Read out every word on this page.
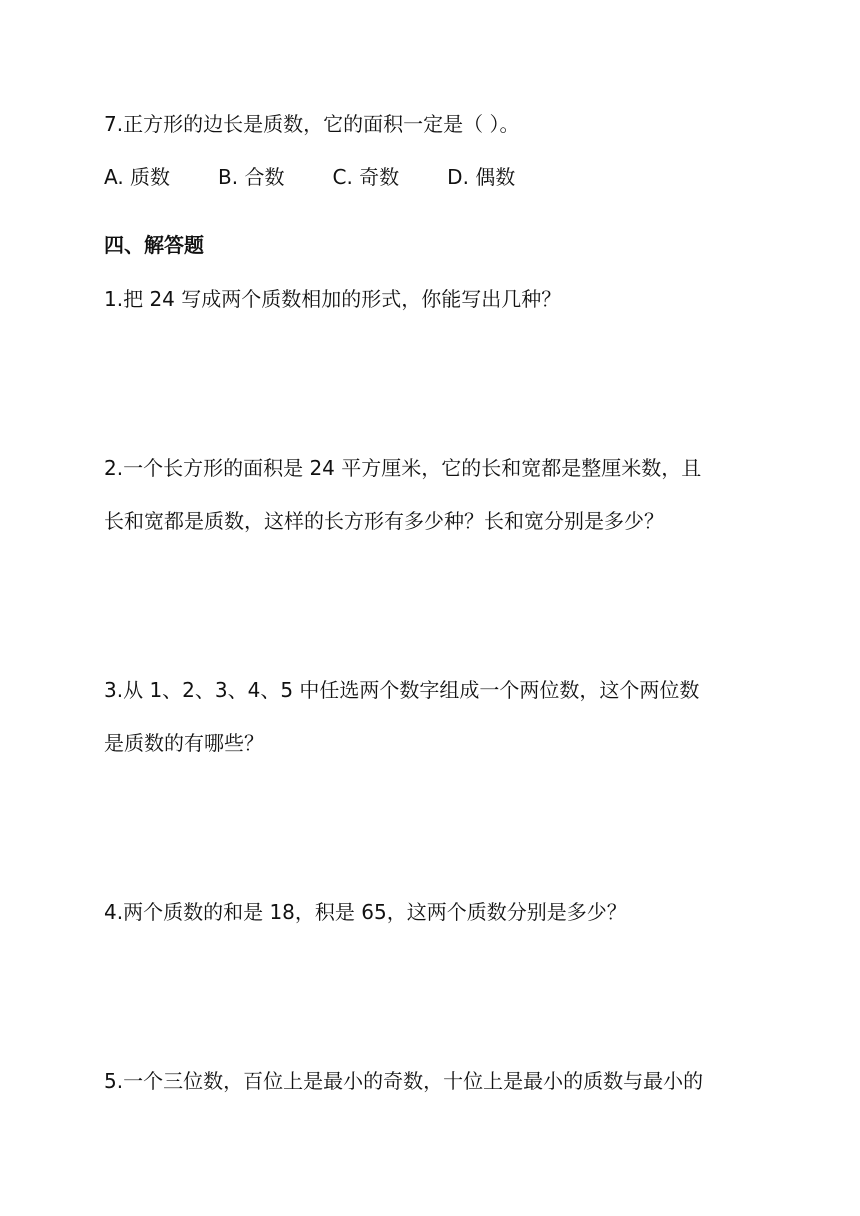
7.正方形的边长是质数，它的面积一定是（ ）。
A. 质数 B. 合数 C. 奇数 D. 偶数
四、解答题
1.把 24 写成两个质数相加的形式，你能写出几种？
2.一个长方形的面积是 24 平方厘米，它的长和宽都是整厘米数，且
长和宽都是质数，这样的长方形有多少种？长和宽分别是多少？
3.从 1、2、3、4、5 中任选两个数字组成一个两位数，这个两位数
是质数的有哪些？
4.两个质数的和是 18，积是 65，这两个质数分别是多少？
5.一个三位数，百位上是最小的奇数，十位上是最小的质数与最小的
